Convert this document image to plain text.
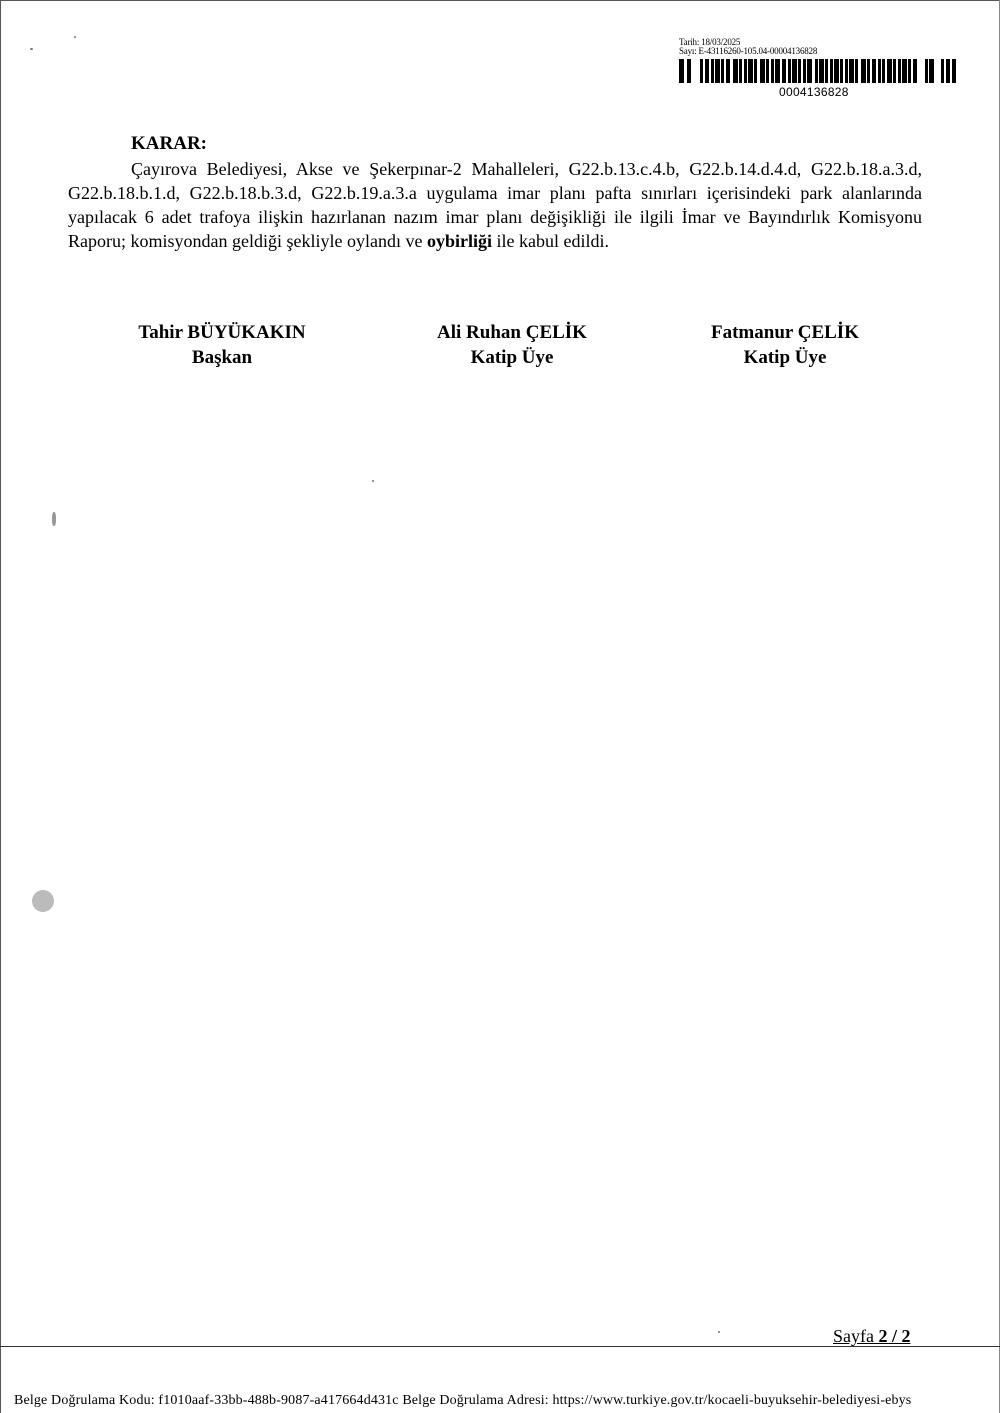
Tarih: 18/03/2025
Sayı: E-43116260-105.04-00004136828
0004136828
KARAR:
Çayırova Belediyesi, Akse ve Şekerpınar-2 Mahalleleri, G22.b.13.c.4.b, G22.b.14.d.4.d, G22.b.18.a.3.d, G22.b.18.b.1.d, G22.b.18.b.3.d, G22.b.19.a.3.a uygulama imar planı pafta sınırları içerisindeki park alanlarında yapılacak 6 adet trafoya ilişkin hazırlanan nazım imar planı değişikliği ile ilgili İmar ve Bayındırlık Komisyonu Raporu; komisyondan geldiği şekliyle oylandı ve oybirliği ile kabul edildi.
Tahir BÜYÜKAKIN
Başkan
Ali Ruhan ÇELİK
Katip Üye
Fatmanur ÇELİK
Katip Üye
Sayfa 2 / 2
Belge Doğrulama Kodu: f1010aaf-33bb-488b-9087-a417664d431c Belge Doğrulama Adresi: https://www.turkiye.gov.tr/kocaeli-buyuksehir-belediyesi-ebys
